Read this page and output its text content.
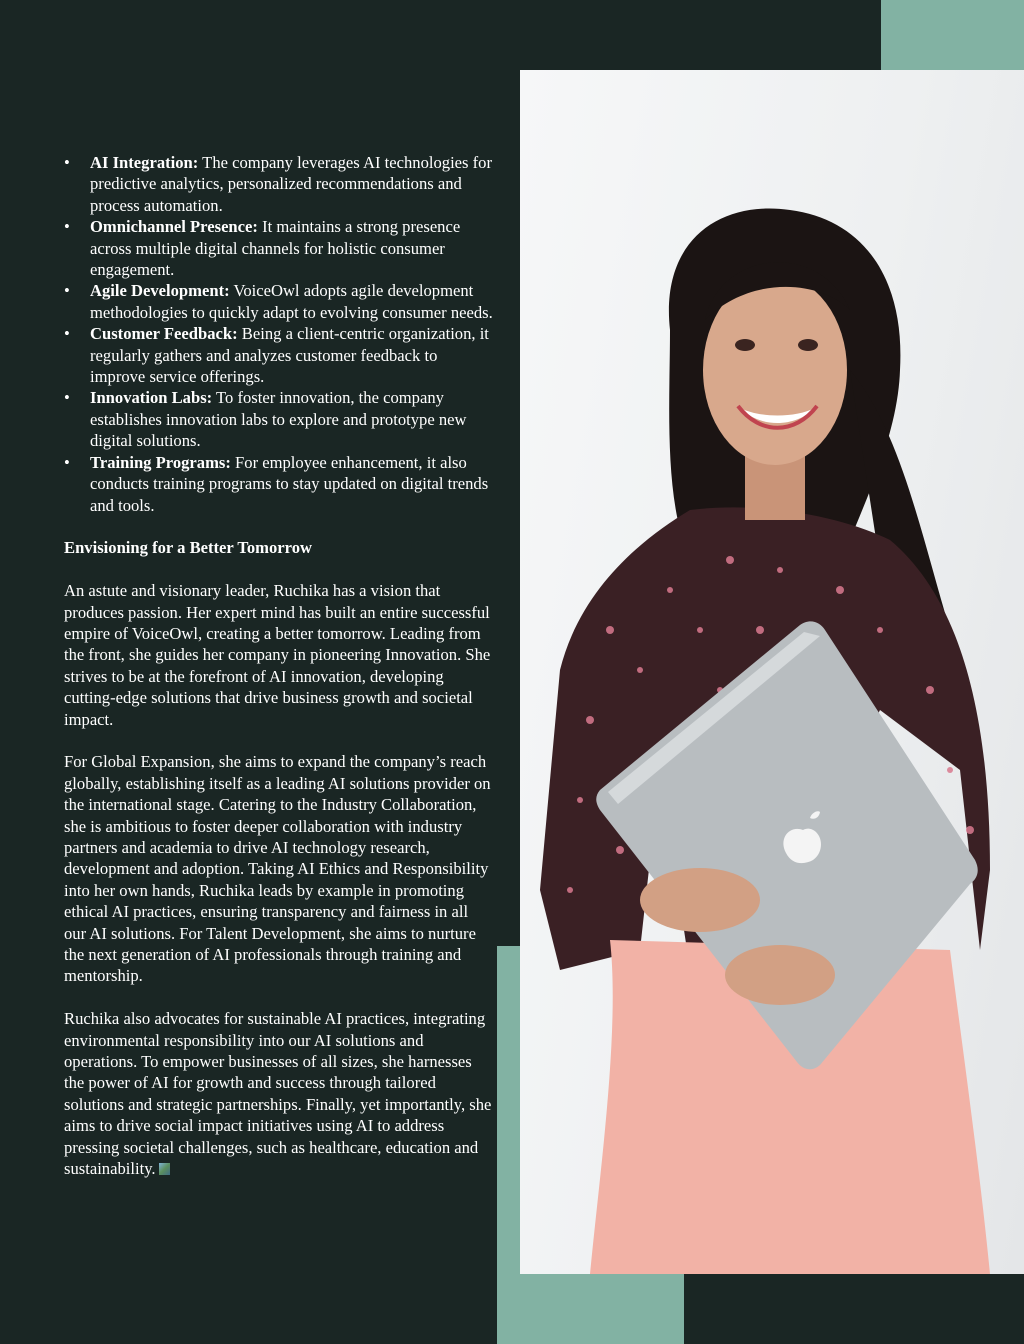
• AI Integration: The company leverages AI technologies for predictive analytics, personalized recommendations and process automation.
• Omnichannel Presence: It maintains a strong presence across multiple digital channels for holistic consumer engagement.
• Agile Development: VoiceOwl adopts agile development methodologies to quickly adapt to evolving consumer needs.
• Customer Feedback: Being a client-centric organization, it regularly gathers and analyzes customer feedback to improve service offerings.
• Innovation Labs: To foster innovation, the company establishes innovation labs to explore and prototype new digital solutions.
• Training Programs: For employee enhancement, it also conducts training programs to stay updated on digital trends and tools.
Envisioning for a Better Tomorrow
An astute and visionary leader, Ruchika has a vision that produces passion. Her expert mind has built an entire successful empire of VoiceOwl, creating a better tomorrow. Leading from the front, she guides her company in pioneering Innovation. She strives to be at the forefront of AI innovation, developing cutting-edge solutions that drive business growth and societal impact.
For Global Expansion, she aims to expand the company’s reach globally, establishing itself as a leading AI solutions provider on the international stage. Catering to the Industry Collaboration, she is ambitious to foster deeper collaboration with industry partners and academia to drive AI technology research, development and adoption. Taking AI Ethics and Responsibility into her own hands, Ruchika leads by example in promoting ethical AI practices, ensuring transparency and fairness in all our AI solutions. For Talent Development, she aims to nurture the next generation of AI professionals through training and mentorship.
Ruchika also advocates for sustainable AI practices, integrating environmental responsibility into our AI solutions and operations. To empower businesses of all sizes, she harnesses the power of AI for growth and success through tailored solutions and strategic partnerships. Finally, yet importantly, she aims to drive social impact initiatives using AI to address pressing societal challenges, such as healthcare, education and sustainability.
